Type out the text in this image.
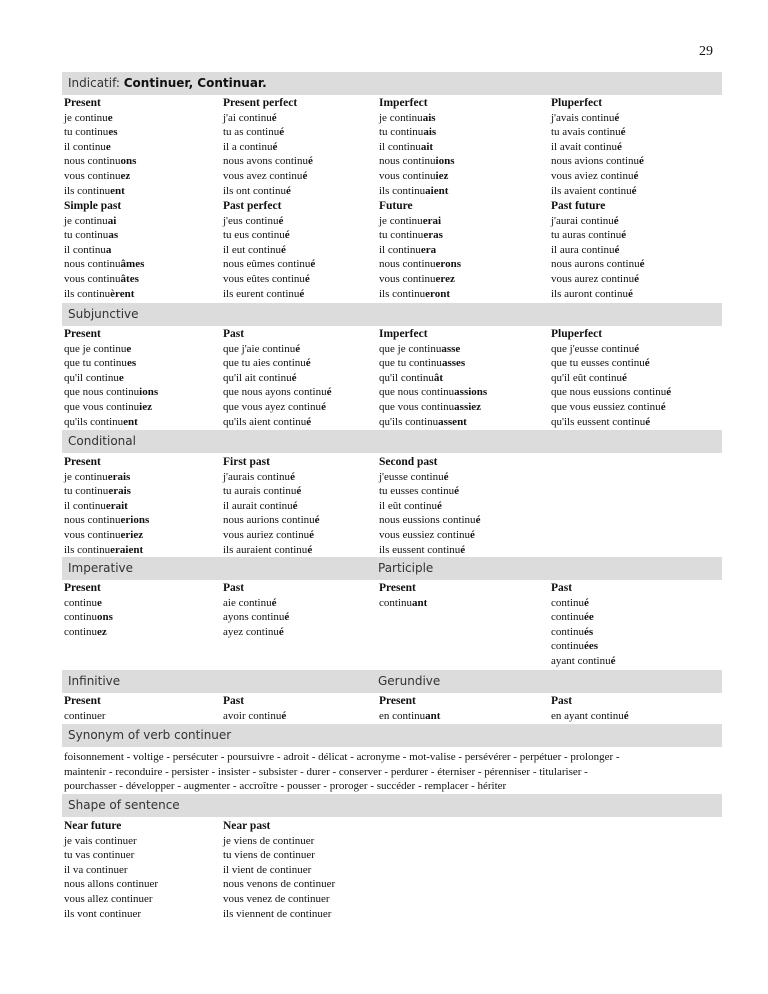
29
Indicatif: Continuer, Continuar.
Present
je continue
tu continues
il continue
nous continuons
vous continuez
ils continuent
Present perfect
j'ai continué
tu as continué
il a continué
nous avons continué
vous avez continué
ils ont continué
Imperfect
je continuais
tu continuais
il continuait
nous continuions
vous continuiez
ils continuaient
Pluperfect
j'avais continué
tu avais continué
il avait continué
nous avions continué
vous aviez continué
ils avaient continué
Simple past
je continuai
tu continuas
il continua
nous continuâmes
vous continuâtes
ils continuèrent
Past perfect
j'eus continué
tu eus continué
il eut continué
nous eûmes continué
vous eûtes continué
ils eurent continué
Future
je continuerai
tu continueras
il continuera
nous continuerons
vous continuerez
ils continueront
Past future
j'aurai continué
tu auras continué
il aura continué
nous aurons continué
vous aurez continué
ils auront continué
Subjunctive
Present
que je continue
que tu continues
qu'il continue
que nous continuions
que vous continuiez
qu'ils continuent
Past
que j'aie continué
que tu aies continué
qu'il ait continué
que nous ayons continué
que vous ayez continué
qu'ils aient continué
Imperfect
que je continuasse
que tu continuasses
qu'il continuât
que nous continuassions
que vous continuassiez
qu'ils continuassent
Pluperfect
que j'eusse continué
que tu eusses continué
qu'il eût continué
que nous eussions continué
que vous eussiez continué
qu'ils eussent continué
Conditional
Present
je continuerais
tu continuerais
il continuerait
nous continuerions
vous continueriez
ils continueraient
First past
j'aurais continué
tu aurais continué
il aurait continué
nous aurions continué
vous auriez continué
ils auraient continué
Second past
j'eusse continué
tu eusses continué
il eût continué
nous eussions continué
vous eussiez continué
ils eussent continué
Imperative	Participle
Present
continue
continuons
continuez
Past
aie continué
ayons continué
ayez continué
Present
continuant
Past
continué
continuée
continués
continuées
ayant continué
Infinitive	Gerundive
Present
continuer
Past
avoir continué
Present
en continuant
Past
en ayant continué
Synonym of verb continuer
foisonnement - voltige - persécuter - poursuivre - adroit - délicat - acronyme - mot-valise - persévérer - perpétuer - prolonger -
maintenir - reconduire - persister - insister - subsister - durer - conserver - perdurer - éterniser - pérenniser - titulariser -
pourchasser - développer - augmenter - accroître - pousser - proroger - succéder - remplacer - hériter
Shape of sentence
Near future
je vais continuer
tu vas continuer
il va continuer
nous allons continuer
vous allez continuer
ils vont continuer
Near past
je viens de continuer
tu viens de continuer
il vient de continuer
nous venons de continuer
vous venez de continuer
ils viennent de continuer
